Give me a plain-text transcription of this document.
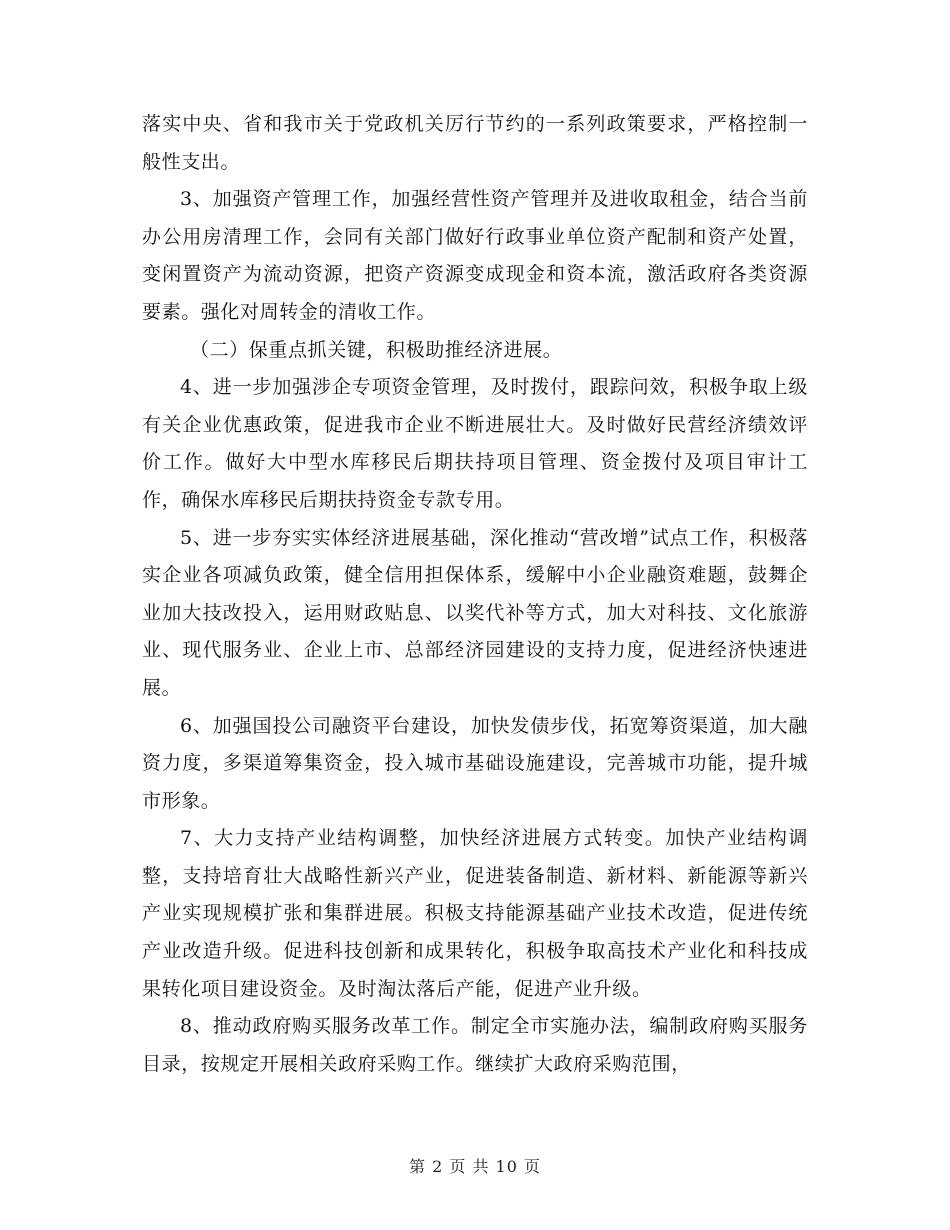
落实中央、省和我市关于党政机关厉行节约的一系列政策要求，严格控制一般性支出。

3、加强资产管理工作，加强经营性资产管理并及进收取租金，结合当前办公用房清理工作，会同有关部门做好行政事业单位资产配制和资产处置，变闲置资产为流动资源，把资产资源变成现金和资本流，激活政府各类资源要素。强化对周转金的清收工作。

（二）保重点抓关键，积极助推经济进展。

4、进一步加强涉企专项资金管理，及时拨付，跟踪问效，积极争取上级有关企业优惠政策，促进我市企业不断进展壮大。及时做好民营经济绩效评价工作。做好大中型水库移民后期扶持项目管理、资金拨付及项目审计工作，确保水库移民后期扶持资金专款专用。

5、进一步夯实实体经济进展基础，深化推动“营改增”试点工作，积极落实企业各项减负政策，健全信用担保体系，缓解中小企业融资难题，鼓舞企业加大技改投入，运用财政贴息、以奖代补等方式，加大对科技、文化旅游业、现代服务业、企业上市、总部经济园建设的支持力度，促进经济快速进展。

6、加强国投公司融资平台建设，加快发债步伐，拓宽筹资渠道，加大融资力度，多渠道筹集资金，投入城市基础设施建设，完善城市功能，提升城市形象。

7、大力支持产业结构调整，加快经济进展方式转变。加快产业结构调整，支持培育壮大战略性新兴产业，促进装备制造、新材料、新能源等新兴产业实现规模扩张和集群进展。积极支持能源基础产业技术改造，促进传统产业改造升级。促进科技创新和成果转化，积极争取高技术产业化和科技成果转化项目建设资金。及时淘汰落后产能，促进产业升级。

8、推动政府购买服务改革工作。制定全市实施办法，编制政府购买服务目录，按规定开展相关政府采购工作。继续扩大政府采购范围，

第 2 页 共 10 页
